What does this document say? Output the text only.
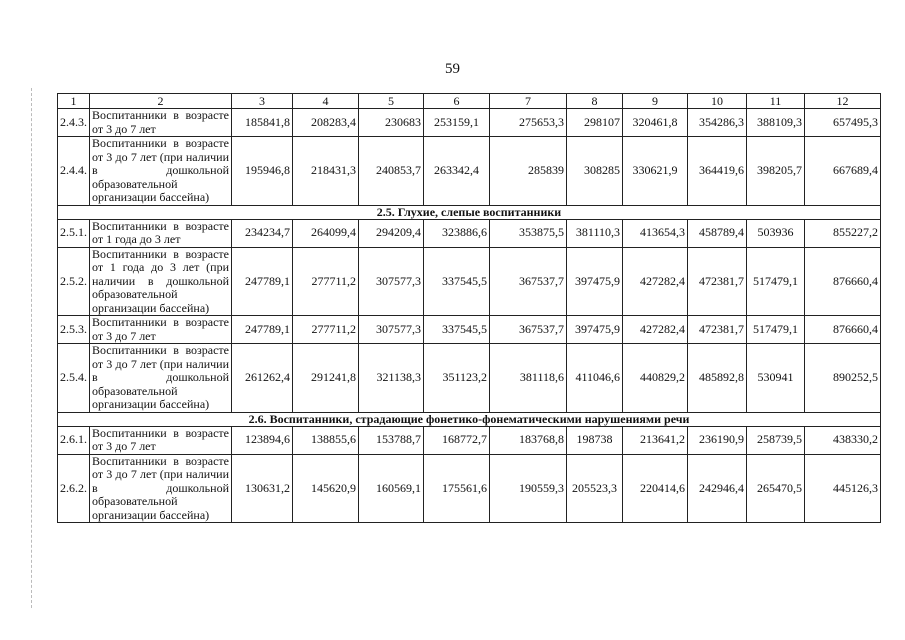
59
1	2	3	4	5	6	7	8	9	10	11	12
2.4.3.	Воспитанники в возрасте от 3 до 7 лет	185841,8	208283,4	230683	253159,1	275653,3	298107	320461,8	354286,3	388109,3	657495,3
2.4.4.	Воспитанники в возрасте от 3 до 7 лет (при наличии в дошкольной образовательной организации бассейна)	195946,8	218431,3	240853,7	263342,4	285839	308285	330621,9	364419,6	398205,7	667689,4
2.5. Глухие, слепые воспитанники											
2.5.1.	Воспитанники в возрасте от 1 года до 3 лет	234234,7	264099,4	294209,4	323886,6	353875,5	381110,3	413654,3	458789,4	503936	855227,2
2.5.2.	Воспитанники в возрасте от 1 года до 3 лет (при наличии в дошкольной образовательной организации бассейна)	247789,1	277711,2	307577,3	337545,5	367537,7	397475,9	427282,4	472381,7	517479,1	876660,4
2.5.3.	Воспитанники в возрасте от 3 до 7 лет	247789,1	277711,2	307577,3	337545,5	367537,7	397475,9	427282,4	472381,7	517479,1	876660,4
2.5.4.	Воспитанники в возрасте от 3 до 7 лет (при наличии в дошкольной образовательной организации бассейна)	261262,4	291241,8	321138,3	351123,2	381118,6	411046,6	440829,2	485892,8	530941	890252,5
2.6. Воспитанники, страдающие фонетико-фонематическими нарушениями речи											
2.6.1.	Воспитанники в возрасте от 3 до 7 лет	123894,6	138855,6	153788,7	168772,7	183768,8	198738	213641,2	236190,9	258739,5	438330,2
2.6.2.	Воспитанники в возрасте от 3 до 7 лет (при наличии в дошкольной образовательной организации бассейна)	130631,2	145620,9	160569,1	175561,6	190559,3	205523,3	220414,6	242946,4	265470,5	445126,3
